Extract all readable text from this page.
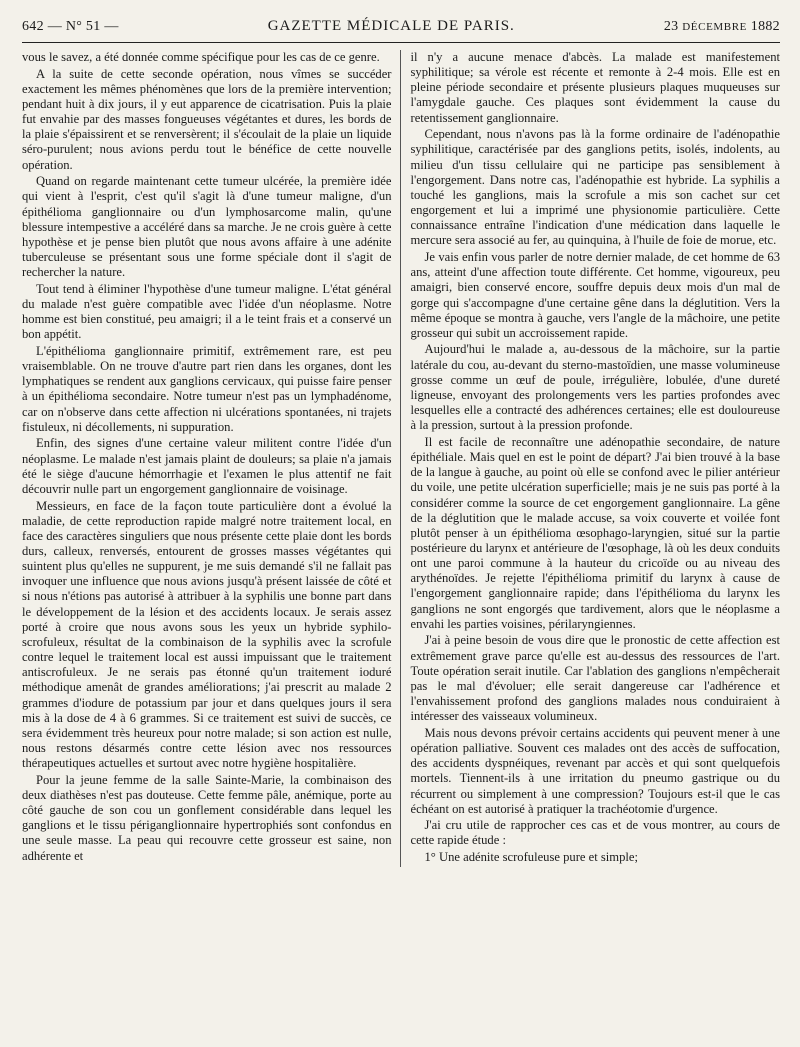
642 — N° 51 —	GAZETTE MÉDICALE DE PARIS.	23 DÉCEMBRE 1882

vous le savez, a été donnée comme spécifique pour les cas de ce genre.

A la suite de cette seconde opération, nous vîmes se succéder exactement les mêmes phénomènes que lors de la première intervention; pendant huit à dix jours, il y eut apparence de cicatrisation. Puis la plaie fut envahie par des masses fongueuses végétantes et dures, les bords de la plaie s'épaissirent et se renversèrent; il s'écoulait de la plaie un liquide séro-purulent; nous avions perdu tout le bénéfice de cette nouvelle opération.

Quand on regarde maintenant cette tumeur ulcérée, la première idée qui vient à l'esprit, c'est qu'il s'agit là d'une tumeur maligne, d'un épithélioma ganglionnaire ou d'un lymphosarcome malin, qu'une blessure intempestive a accéléré dans sa marche. Je ne crois guère à cette hypothèse et je pense bien plutôt que nous avons affaire à une adénite tuberculeuse se présentant sous une forme spéciale dont il s'agit de rechercher la nature.

Tout tend à éliminer l'hypothèse d'une tumeur maligne. L'état général du malade n'est guère compatible avec l'idée d'un néoplasme. Notre homme est bien constitué, peu amaigri; il a le teint frais et a conservé un bon appétit.

L'épithélioma ganglionnaire primitif, extrêmement rare, est peu vraisemblable. On ne trouve d'autre part rien dans les organes, dont les lymphatiques se rendent aux ganglions cervicaux, qui puisse faire penser à un épithélioma secondaire. Notre tumeur n'est pas un lymphadénome, car on n'observe dans cette affection ni ulcérations spontanées, ni trajets fistuleux, ni décollements, ni suppuration.

Enfin, des signes d'une certaine valeur militent contre l'idée d'un néoplasme. Le malade n'est jamais plaint de douleurs; sa plaie n'a jamais été le siège d'aucune hémorrhagie et l'examen le plus attentif ne fait découvrir nulle part un engorgement ganglionnaire de voisinage.

Messieurs, en face de la façon toute particulière dont a évolué la maladie, de cette reproduction rapide malgré notre traitement local, en face des caractères singuliers que nous présente cette plaie dont les bords durs, calleux, renversés, entourent de grosses masses végétantes qui suintent plus qu'elles ne suppurent, je me suis demandé s'il ne fallait pas invoquer une influence que nous avions jusqu'à présent laissée de côté et si nous n'étions pas autorisé à attribuer à la syphilis une bonne part dans le développement de la lésion et des accidents locaux. Je serais assez porté à croire que nous avons sous les yeux un hybride syphilo-scrofuleux, résultat de la combinaison de la syphilis avec la scrofule contre lequel le traitement local est aussi impuissant que le traitement antiscrofuleux. Je ne serais pas étonné qu'un traitement ioduré méthodique amenât de grandes améliorations; j'ai prescrit au malade 2 grammes d'iodure de potassium par jour et dans quelques jours il sera mis à la dose de 4 à 6 grammes. Si ce traitement est suivi de succès, ce sera évidemment très heureux pour notre malade; si son action est nulle, nous restons désarmés contre cette lésion avec nos ressources thérapeutiques actuelles et surtout avec notre hygiène hospitalière.

Pour la jeune femme de la salle Sainte-Marie, la combinaison des deux diathèses n'est pas douteuse. Cette femme pâle, anémique, porte au côté gauche de son cou un gonflement considérable dans lequel les ganglions et le tissu périganglionnaire hypertrophiés sont confondus en une seule masse. La peau qui recouvre cette grosseur est saine, non adhérente et

il n'y a aucune menace d'abcès. La malade est manifestement syphilitique; sa vérole est récente et remonte à 2-4 mois. Elle est en pleine période secondaire et présente plusieurs plaques muqueuses sur l'amygdale gauche. Ces plaques sont évidemment la cause du retentissement ganglionnaire.

Cependant, nous n'avons pas là la forme ordinaire de l'adénopathie syphilitique, caractérisée par des ganglions petits, isolés, indolents, au milieu d'un tissu cellulaire qui ne participe pas sensiblement à l'engorgement. Dans notre cas, l'adénopathie est hybride. La syphilis a touché les ganglions, mais la scrofule a mis son cachet sur cet engorgement et lui a imprimé une physionomie particulière. Cette connaissance entraîne l'indication d'une médication dans laquelle le mercure sera associé au fer, au quinquina, à l'huile de foie de morue, etc.

Je vais enfin vous parler de notre dernier malade, de cet homme de 63 ans, atteint d'une affection toute différente. Cet homme, vigoureux, peu amaigri, bien conservé encore, souffre depuis deux mois d'un mal de gorge qui s'accompagne d'une certaine gêne dans la déglutition. Vers la même époque se montra à gauche, vers l'angle de la mâchoire, une petite grosseur qui subit un accroissement rapide.

Aujourd'hui le malade a, au-dessous de la mâchoire, sur la partie latérale du cou, au-devant du sterno-mastoïdien, une masse volumineuse grosse comme un œuf de poule, irrégulière, lobulée, d'une dureté ligneuse, envoyant des prolongements vers les parties profondes avec lesquelles elle a contracté des adhérences certaines; elle est douloureuse à la pression, surtout à la pression profonde.

Il est facile de reconnaître une adénopathie secondaire, de nature épithéliale. Mais quel en est le point de départ? J'ai bien trouvé à la base de la langue à gauche, au point où elle se confond avec le pilier antérieur du voile, une petite ulcération superficielle; mais je ne suis pas porté à la considérer comme la source de cet engorgement ganglionnaire. La gêne de la déglutition que le malade accuse, sa voix couverte et voilée font plutôt penser à un épithélioma œsophago-laryngien, situé sur la partie postérieure du larynx et antérieure de l'œsophage, là où les deux conduits ont une paroi commune à la hauteur du cricoïde ou au niveau des arythénoïdes. Je rejette l'épithélioma primitif du larynx à cause de l'engorgement ganglionnaire rapide; dans l'épithélioma du larynx les ganglions ne sont engorgés que tardivement, alors que le néoplasme a envahi les parties voisines, périlaryngiennes.

J'ai à peine besoin de vous dire que le pronostic de cette affection est extrêmement grave parce qu'elle est au-dessus des ressources de l'art. Toute opération serait inutile. Car l'ablation des ganglions n'empêcherait pas le mal d'évoluer; elle serait dangereuse car l'adhérence et l'envahissement profond des ganglions malades nous conduiraient à intéresser des vaisseaux volumineux.

Mais nous devons prévoir certains accidents qui peuvent mener à une opération palliative. Souvent ces malades ont des accès de suffocation, des accidents dyspnéiques, revenant par accès et qui sont quelquefois mortels. Tiennent-ils à une irritation du pneumo gastrique ou du récurrent ou simplement à une compression? Toujours est-il que le cas échéant on est autorisé à pratiquer la trachéotomie d'urgence.

J'ai cru utile de rapprocher ces cas et de vous montrer, au cours de cette rapide étude :

1° Une adénite scrofuleuse pure et simple;
